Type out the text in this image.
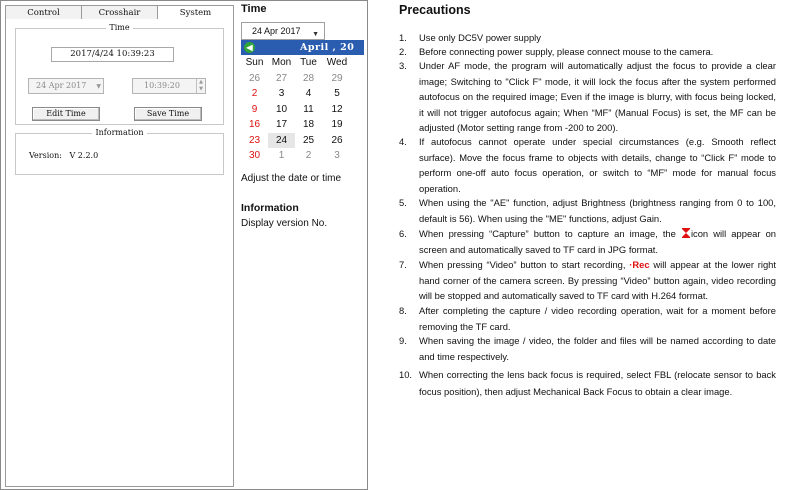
Control	Crosshair	System
Time
2017/4/24 10:39:23
24 Apr 2017 ▼	10:39:20	▲
▼
Edit Time	Save Time
Information
Version: V 2.2.0
Time
24 Apr 2017 ▼
◀	April , 20
Sun Mon Tue Wed
26	27	28	29
2	3	4	5
9	10	11	12
16	17	18	19
23	24	25	26
30	1	2	3
Adjust the date or time
Information
Display version No.
Precautions
1. Use only DC5V power supply
2. Before connecting power supply, please connect mouse to the camera.
3. Under AF mode, the program will automatically adjust the focus to provide a clear image; Switching to "Click F" mode, it will lock the focus after the system performed autofocus on the required image; Even if the image is blurry, with focus being locked, it will not trigger autofocus again; When “MF” (Manual Focus) is set, the MF can be adjusted (Motor setting range from -200 to 200).
4. If autofocus cannot operate under special circumstances (e.g. Smooth reflect surface). Move the focus frame to objects with details, change to “Click F” mode to perform one-off auto focus operation, or switch to “MF” mode for manual focus operation.
5. When using the "AE" function, adjust Brightness (brightness ranging from 0 to 100, default is 56). When using the "ME" functions, adjust Gain.
6. When pressing “Capture” button to capture an image, the icon will appear on screen and automatically saved to TF card in JPG format.
7. When pressing “Video” button to start recording, ·Rec will appear at the lower right hand corner of the camera screen. By pressing “Video” button again, video recording will be stopped and automatically saved to TF card with H.264 format.
8. After completing the capture / video recording operation, wait for a moment before removing the TF card.
9. When saving the image / video, the folder and files will be named according to date and time respectively.
10. When correcting the lens back focus is required, select FBL (relocate sensor to back focus position), then adjust Mechanical Back Focus to obtain a clear image.
